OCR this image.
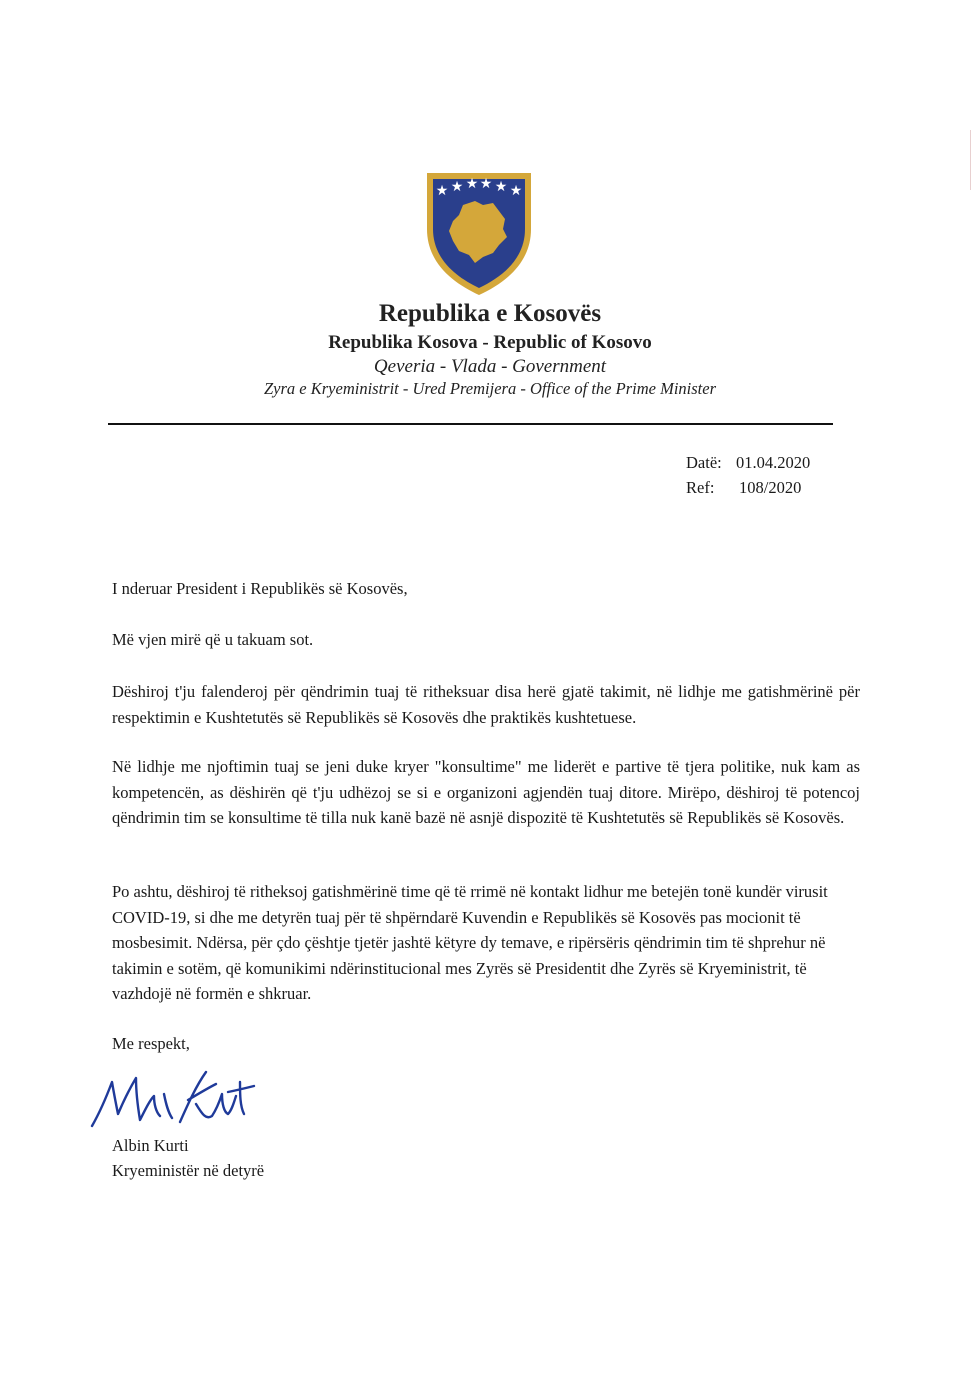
★ ★ ★ ★ ★ ★
Republika e Kosovës
Republika Kosova - Republic of Kosovo
Qeveria - Vlada - Government
Zyra e Kryeministrit - Ured Premijera - Office of the Prime Minister
Datë: 01.04.2020
Ref: 108/2020
I nderuar President i Republikës së Kosovës,
Më vjen mirë që u takuam sot.
Dëshiroj t'ju falenderoj për qëndrimin tuaj të ritheksuar disa herë gjatë takimit, në lidhje me gatishmërinë për respektimin e Kushtetutës së Republikës së Kosovës dhe praktikës kushtetuese.
Në lidhje me njoftimin tuaj se jeni duke kryer "konsultime" me liderët e partive të tjera politike, nuk kam as kompetencën, as dëshirën që t'ju udhëzoj se si e organizoni agjendën tuaj ditore. Mirëpo, dëshiroj të potencoj qëndrimin tim se konsultime të tilla nuk kanë bazë në asnjë dispozitë të Kushtetutës së Republikës së Kosovës.
Po ashtu, dëshiroj të ritheksoj gatishmërinë time që të rrimë në kontakt lidhur me betejën tonë kundër virusit COVID-19, si dhe me detyrën tuaj për të shpërndarë Kuvendin e Republikës së Kosovës pas mocionit të mosbesimit. Ndërsa, për çdo çështje tjetër jashtë këtyre dy temave, e ripërsëris qëndrimin tim të shprehur në takimin e sotëm, që komunikimi ndërinstitucional mes Zyrës së Presidentit dhe Zyrës së Kryeministrit, të vazhdojë në formën e shkruar.
Me respekt,
Albin Kurti
Kryeministër në detyrë
